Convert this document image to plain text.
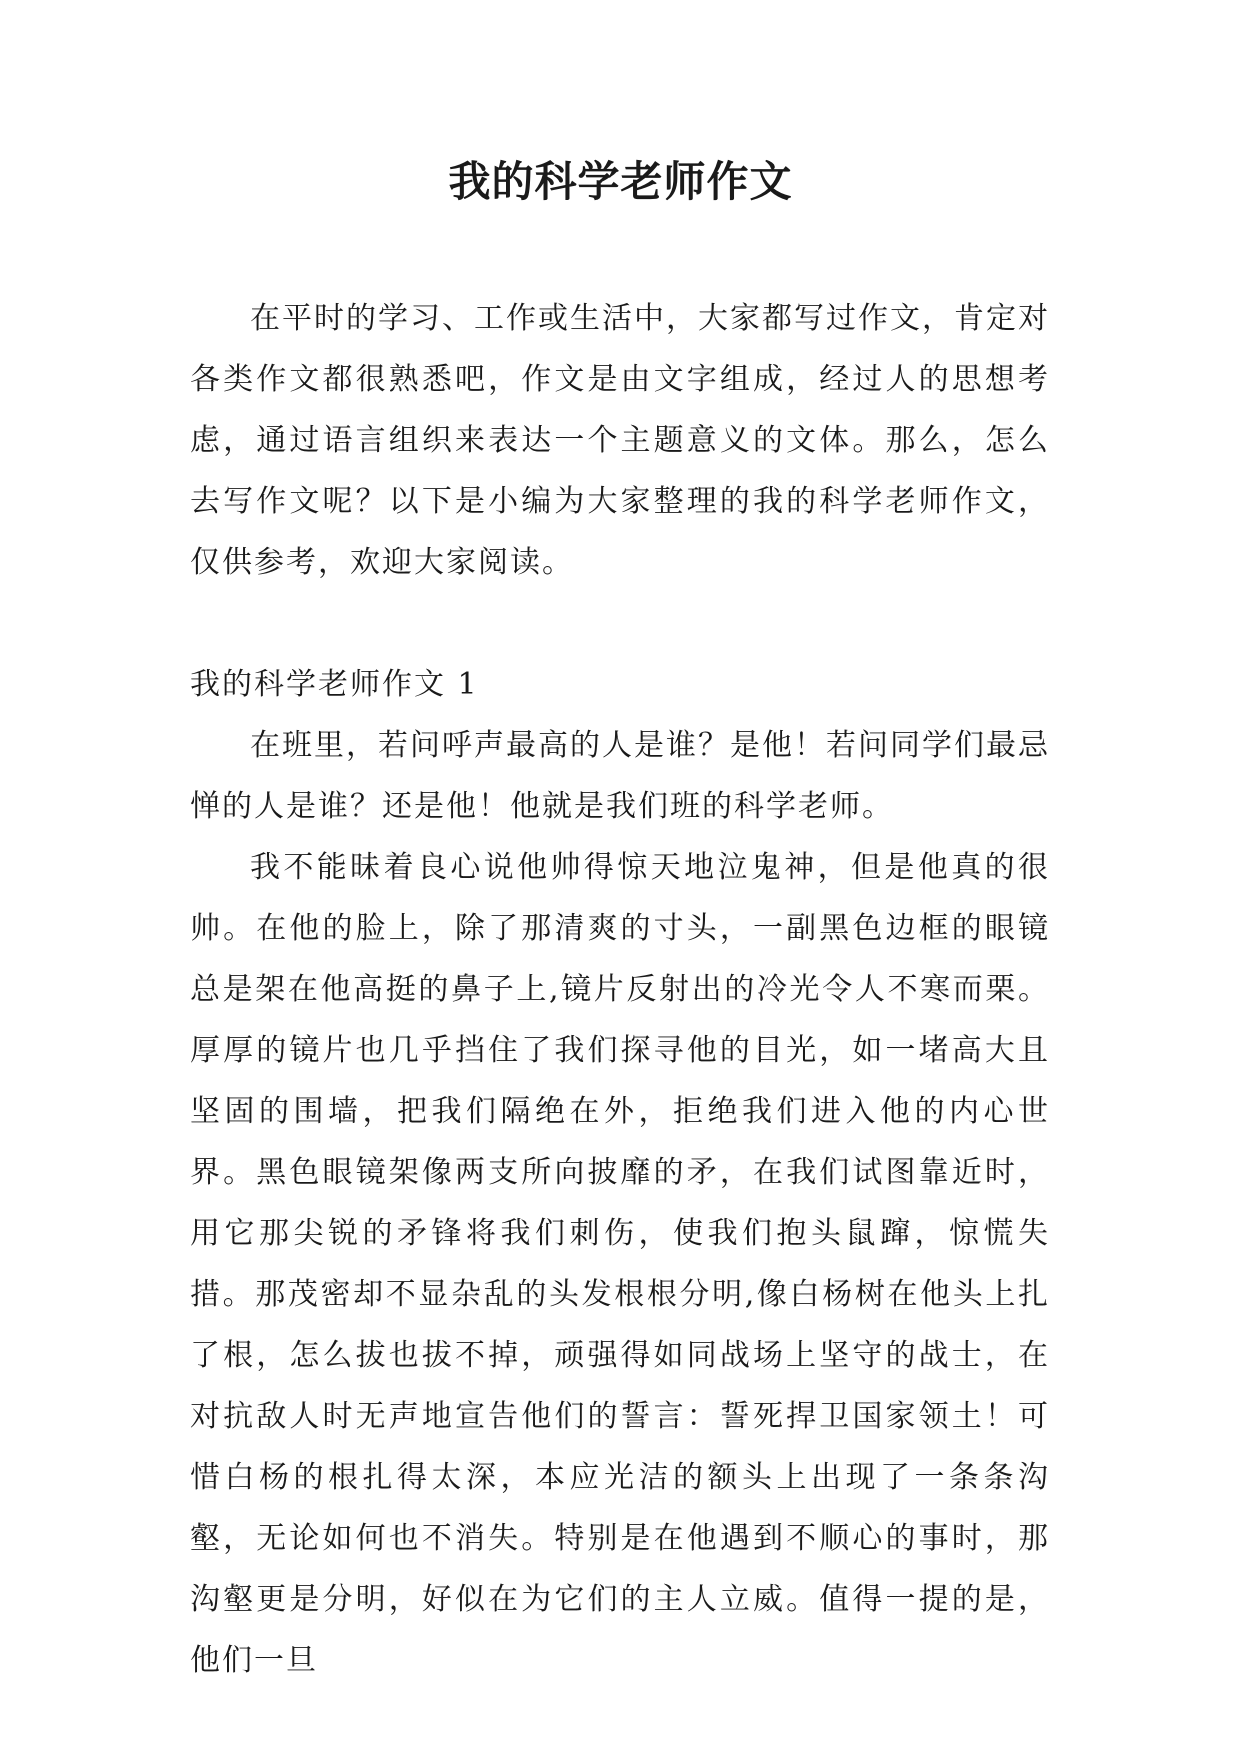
我的科学老师作文

在平时的学习、工作或生活中，大家都写过作文，肯定对各类作文都很熟悉吧，作文是由文字组成，经过人的思想考虑，通过语言组织来表达一个主题意义的文体。那么，怎么去写作文呢？以下是小编为大家整理的我的科学老师作文，仅供参考，欢迎大家阅读。

我的科学老师作文 1

在班里，若问呼声最高的人是谁？是他！若问同学们最忌惮的人是谁？还是他！他就是我们班的科学老师。

我不能昧着良心说他帅得惊天地泣鬼神，但是他真的很帅。在他的脸上，除了那清爽的寸头，一副黑色边框的眼镜总是架在他高挺的鼻子上,镜片反射出的冷光令人不寒而栗。厚厚的镜片也几乎挡住了我们探寻他的目光，如一堵高大且坚固的围墙，把我们隔绝在外，拒绝我们进入他的内心世界。黑色眼镜架像两支所向披靡的矛，在我们试图靠近时，用它那尖锐的矛锋将我们刺伤，使我们抱头鼠蹿，惊慌失措。那茂密却不显杂乱的头发根根分明,像白杨树在他头上扎了根，怎么拔也拔不掉，顽强得如同战场上坚守的战士，在对抗敌人时无声地宣告他们的誓言：誓死捍卫国家领土！可惜白杨的根扎得太深，本应光洁的额头上出现了一条条沟壑，无论如何也不消失。特别是在他遇到不顺心的事时，那沟壑更是分明，好似在为它们的主人立威。值得一提的是，他们一旦
